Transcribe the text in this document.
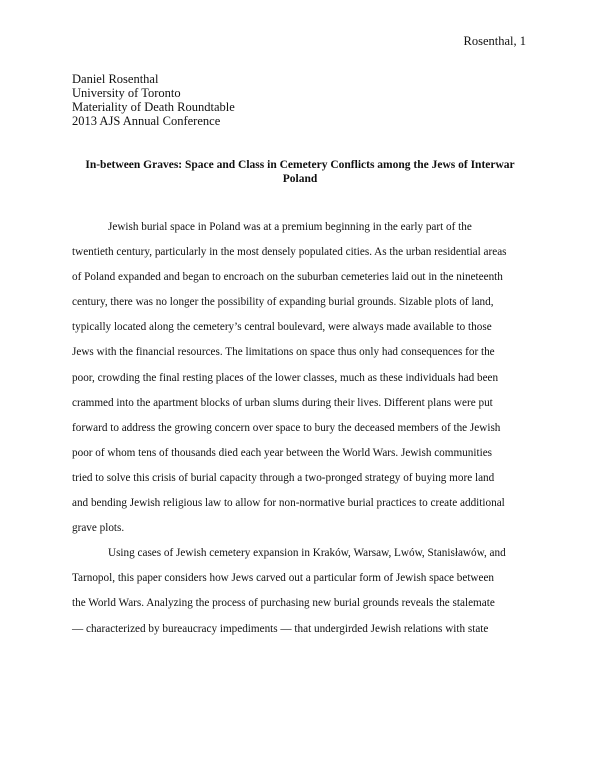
Rosenthal, 1
Daniel Rosenthal
University of Toronto
Materiality of Death Roundtable
2013 AJS Annual Conference
In-between Graves: Space and Class in Cemetery Conflicts among the Jews of Interwar
Poland
Jewish burial space in Poland was at a premium beginning in the early part of the
twentieth century, particularly in the most densely populated cities. As the urban residential areas
of Poland expanded and began to encroach on the suburban cemeteries laid out in the nineteenth
century, there was no longer the possibility of expanding burial grounds. Sizable plots of land,
typically located along the cemetery’s central boulevard, were always made available to those
Jews with the financial resources. The limitations on space thus only had consequences for the
poor, crowding the final resting places of the lower classes, much as these individuals had been
crammed into the apartment blocks of urban slums during their lives. Different plans were put
forward to address the growing concern over space to bury the deceased members of the Jewish
poor of whom tens of thousands died each year between the World Wars. Jewish communities
tried to solve this crisis of burial capacity through a two-pronged strategy of buying more land
and bending Jewish religious law to allow for non-normative burial practices to create additional
grave plots.
Using cases of Jewish cemetery expansion in Kraków, Warsaw, Lwów, Stanisławów, and
Tarnopol, this paper considers how Jews carved out a particular form of Jewish space between
the World Wars. Analyzing the process of purchasing new burial grounds reveals the stalemate
— characterized by bureaucracy impediments — that undergirded Jewish relations with state
